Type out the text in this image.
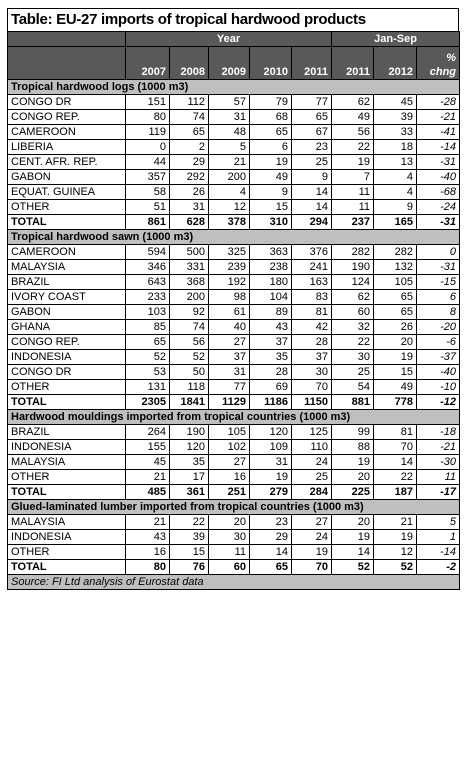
Table: EU-27 imports of tropical hardwood products
	Year					Jan-Sep		
	2007	2008	2009	2010	2011	2011	2012	%
chng
Tropical hardwood logs (1000 m3)								
CONGO DR	151	112	57	79	77	62	45	-28
CONGO REP.	80	74	31	68	65	49	39	-21
CAMEROON	119	65	48	65	67	56	33	-41
LIBERIA	0	2	5	6	23	22	18	-14
CENT. AFR. REP.	44	29	21	19	25	19	13	-31
GABON	357	292	200	49	9	7	4	-40
EQUAT. GUINEA	58	26	4	9	14	11	4	-68
OTHER	51	31	12	15	14	11	9	-24
TOTAL	861	628	378	310	294	237	165	-31
Tropical hardwood sawn (1000 m3)								
CAMEROON	594	500	325	363	376	282	282	0
MALAYSIA	346	331	239	238	241	190	132	-31
BRAZIL	643	368	192	180	163	124	105	-15
IVORY COAST	233	200	98	104	83	62	65	6
GABON	103	92	61	89	81	60	65	8
GHANA	85	74	40	43	42	32	26	-20
CONGO REP.	65	56	27	37	28	22	20	-6
INDONESIA	52	52	37	35	37	30	19	-37
CONGO DR	53	50	31	28	30	25	15	-40
OTHER	131	118	77	69	70	54	49	-10
TOTAL	2305	1841	1129	1186	1150	881	778	-12
Hardwood mouldings imported from tropical countries (1000 m3)								
BRAZIL	264	190	105	120	125	99	81	-18
INDONESIA	155	120	102	109	110	88	70	-21
MALAYSIA	45	35	27	31	24	19	14	-30
OTHER	21	17	16	19	25	20	22	11
TOTAL	485	361	251	279	284	225	187	-17
Glued-laminated lumber imported from tropical countries (1000 m3)								
MALAYSIA	21	22	20	23	27	20	21	5
INDONESIA	43	39	30	29	24	19	19	1
OTHER	16	15	11	14	19	14	12	-14
TOTAL	80	76	60	65	70	52	52	-2
Source: FI Ltd analysis of Eurostat data								
